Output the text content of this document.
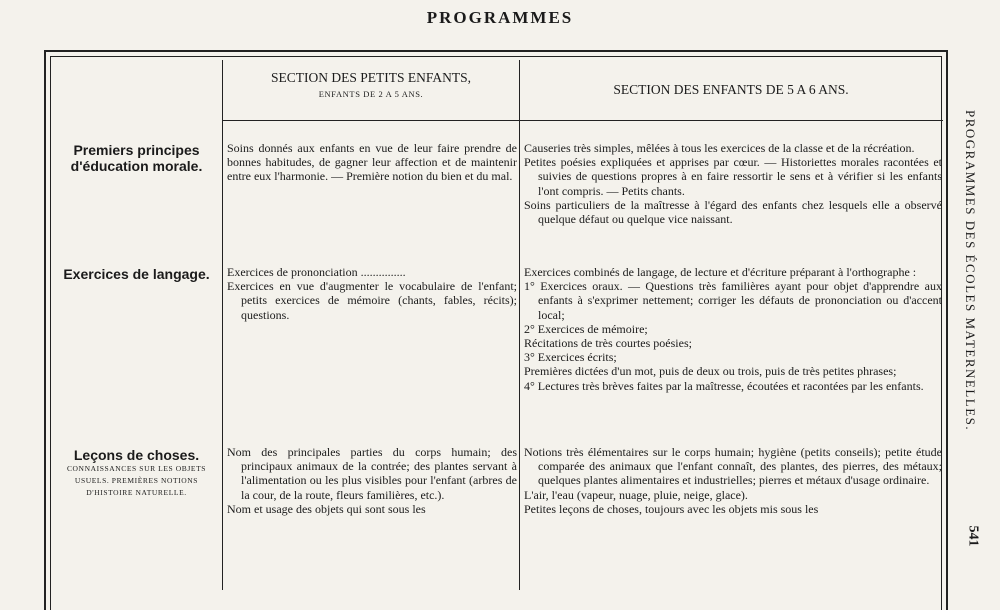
PROGRAMMES
SECTION DES PETITS ENFANTS,
ENFANTS DE 2 A 5 ANS.	SECTION DES ENFANTS DE 5 A 6 ANS.
Premiers principes d'éducation morale.

Soins donnés aux enfants en vue de leur faire prendre de bonnes habitudes, de gagner leur affection et de maintenir entre eux l'harmonie. — Première notion du bien et du mal.

Causeries très simples, mêlées à tous les exercices de la classe et de la récréation.

Petites poésies expliquées et apprises par cœur. — Historiettes morales racontées et suivies de questions propres à en faire ressortir le sens et à vérifier si les enfants l'ont compris. — Petits chants.

Soins particuliers de la maîtresse à l'égard des enfants chez lesquels elle a observé quelque défaut ou quelque vice naissant.

Exercices de langage.	Exercices de prononciation ...............

Exercices en vue d'augmenter le vocabulaire de l'enfant; petits exercices de mémoire (chants, fables, récits); questions.

Exercices combinés de langage, de lecture et d'écriture préparant à l'orthographe :

1° Exercices oraux. — Questions très familières ayant pour objet d'apprendre aux enfants à s'exprimer nettement; corriger les défauts de prononciation ou d'accent local;

2° Exercices de mémoire;

Récitations de très courtes poésies;

3° Exercices écrits;

Premières dictées d'un mot, puis de deux ou trois, puis de très petites phrases;

4° Lectures très brèves faites par la maîtresse, écoutées et racontées par les enfants.

Leçons de choses.
CONNAISSANCES SUR LES OBJETS USUELS. PREMIÈRES NOTIONS D'HISTOIRE NATURELLE.

Nom des principales parties du corps humain; des principaux animaux de la contrée; des plantes servant à l'alimentation ou les plus visibles pour l'enfant (arbres de la cour, de la route, fleurs familières, etc.).

Nom et usage des objets qui sont sous les

Notions très élémentaires sur le corps humain; hygiène (petits conseils); petite étude comparée des animaux que l'enfant connaît, des plantes, des pierres, des métaux; quelques plantes alimentaires et industrielles; pierres et métaux d'usage ordinaire.

L'air, l'eau (vapeur, nuage, pluie, neige, glace).

Petites leçons de choses, toujours avec les objets mis sous les

PROGRAMMES DES ÉCOLES MATERNELLES.
541
